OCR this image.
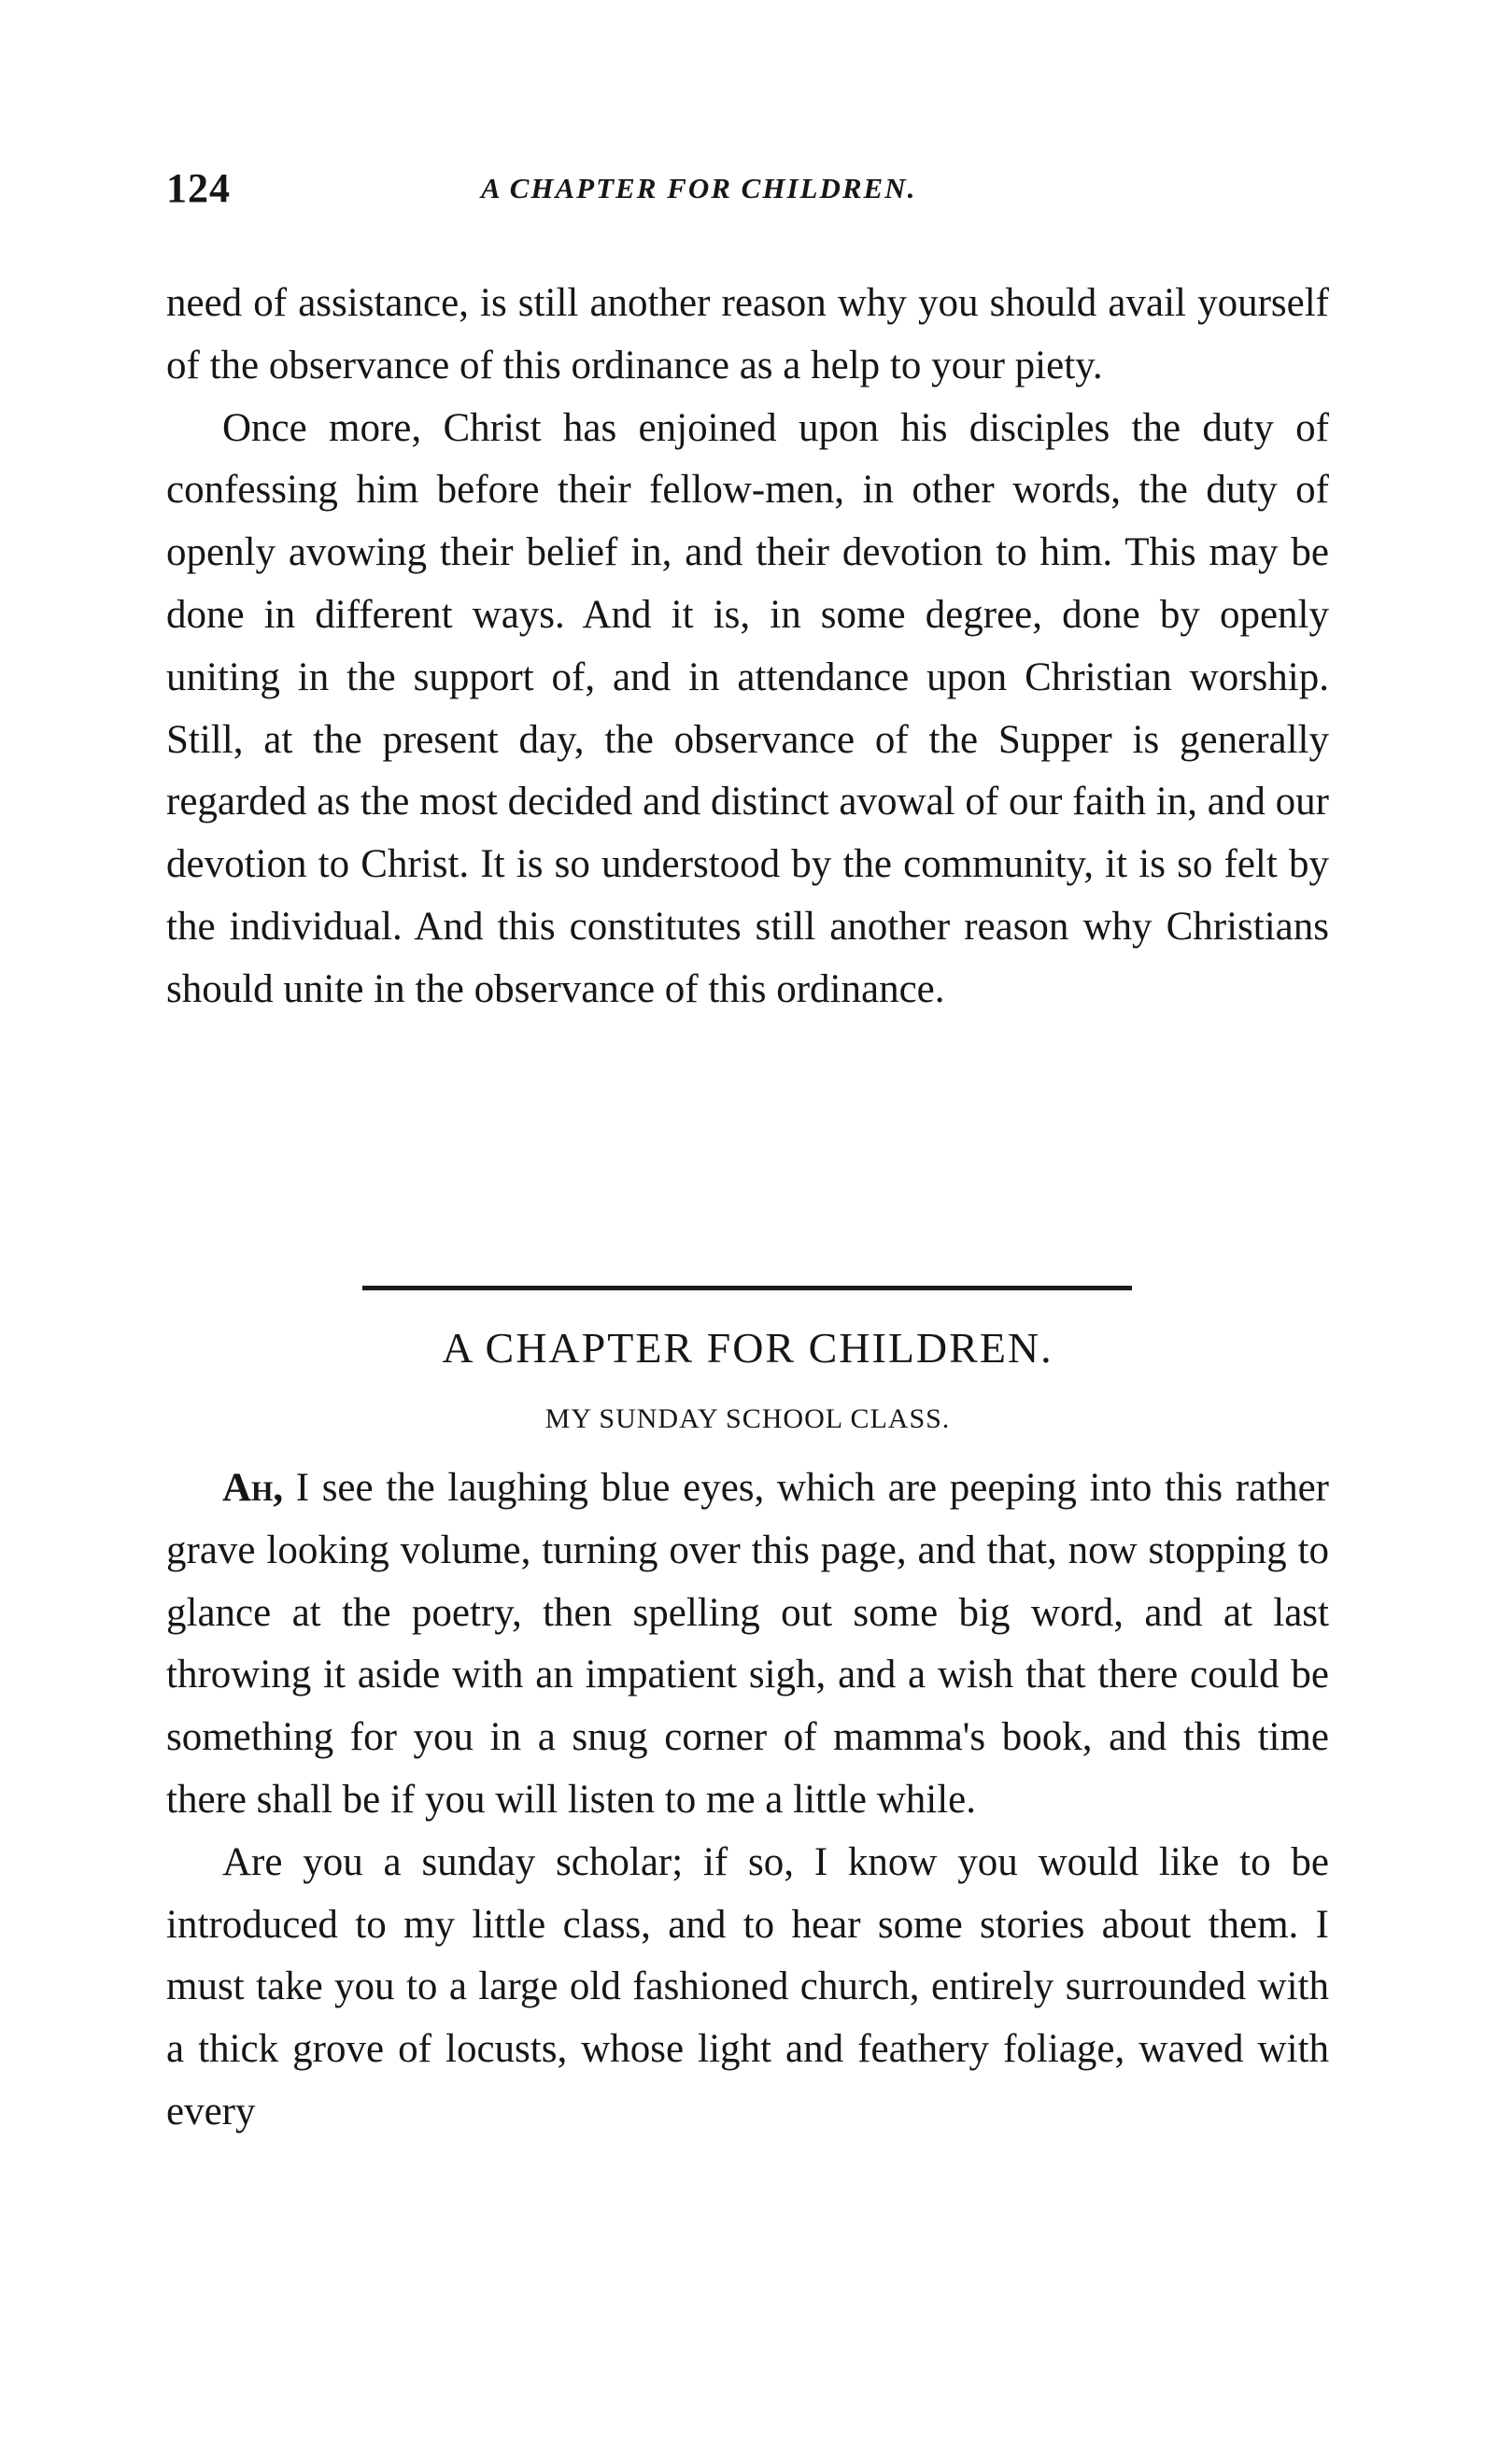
124	A CHAPTER FOR CHILDREN.

need of assistance, is still another reason why you should avail yourself of the observance of this ordinance as a help to your piety.

Once more, Christ has enjoined upon his disciples the duty of confessing him before their fellow-men, in other words, the duty of openly avowing their belief in, and their devotion to him. This may be done in different ways. And it is, in some degree, done by openly uniting in the support of, and in attendance upon Christian worship. Still, at the present day, the observance of the Supper is generally regarded as the most decided and distinct avowal of our faith in, and our devotion to Christ. It is so understood by the community, it is so felt by the individual. And this constitutes still another reason why Christians should unite in the observance of this ordinance.

A CHAPTER FOR CHILDREN.
MY SUNDAY SCHOOL CLASS.

Ah, I see the laughing blue eyes, which are peeping into this rather grave looking volume, turning over this page, and that, now stopping to glance at the poetry, then spelling out some big word, and at last throwing it aside with an impatient sigh, and a wish that there could be something for you in a snug corner of mamma's book, and this time there shall be if you will listen to me a little while.

Are you a sunday scholar; if so, I know you would like to be introduced to my little class, and to hear some stories about them. I must take you to a large old fashioned church, entirely surrounded with a thick grove of locusts, whose light and feathery foliage, waved with every
